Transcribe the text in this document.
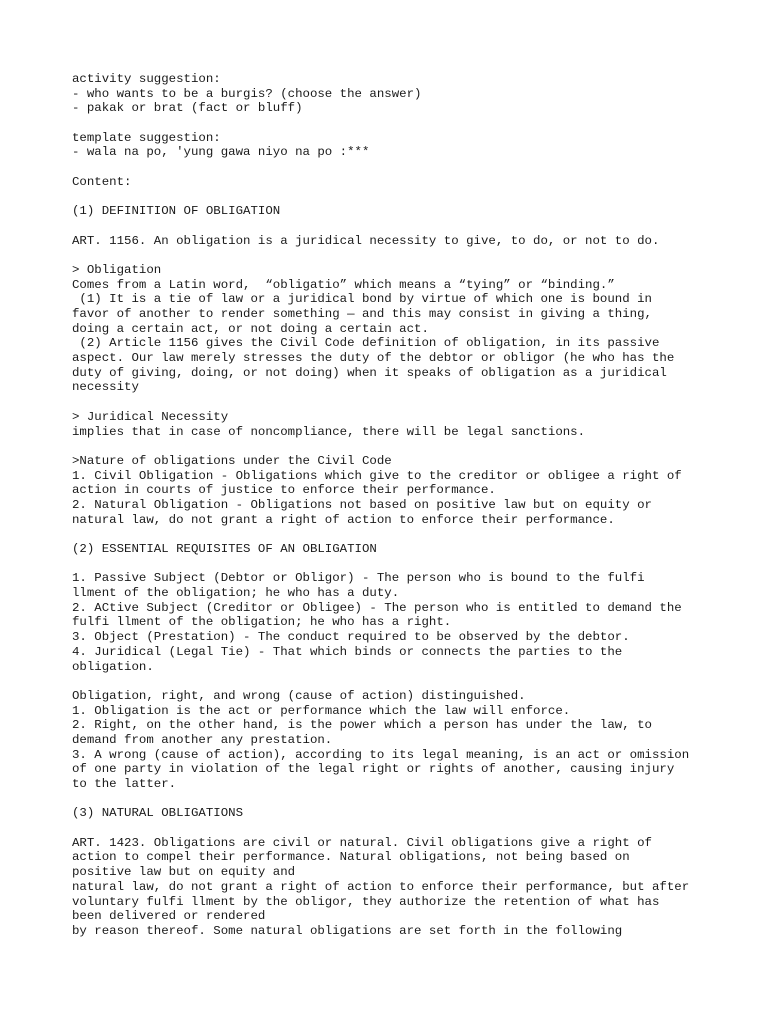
activity suggestion:
- who wants to be a burgis? (choose the answer)
- pakak or brat (fact or bluff)

template suggestion:
- wala na po, 'yung gawa niyo na po :***

Content:

(1) DEFINITION OF OBLIGATION

ART. 1156. An obligation is a juridical necessity to give, to do, or not to do.

> Obligation
Comes from a Latin word,  “obligatio” which means a “tying” or “binding.”
(1) It is a tie of law or a juridical bond by virtue of which one is bound in
favor of another to render something — and this may consist in giving a thing,
doing a certain act, or not doing a certain act.
(2) Article 1156 gives the Civil Code definition of obligation, in its passive
aspect. Our law merely stresses the duty of the debtor or obligor (he who has the
duty of giving, doing, or not doing) when it speaks of obligation as a juridical
necessity

> Juridical Necessity
implies that in case of noncompliance, there will be legal sanctions.

>Nature of obligations under the Civil Code
1. Civil Obligation - Obligations which give to the creditor or obligee a right of
action in courts of justice to enforce their performance.
2. Natural Obligation - Obligations not based on positive law but on equity or
natural law, do not grant a right of action to enforce their performance.

(2) ESSENTIAL REQUISITES OF AN OBLIGATION

1. Passive Subject (Debtor or Obligor) - The person who is bound to the fulfi
llment of the obligation; he who has a duty.
2. ACtive Subject (Creditor or Obligee) - The person who is entitled to demand the
fulfi llment of the obligation; he who has a right.
3. Object (Prestation) - The conduct required to be observed by the debtor.
4. Juridical (Legal Tie) - That which binds or connects the parties to the
obligation.

Obligation, right, and wrong (cause of action) distinguished.
1. Obligation is the act or performance which the law will enforce.
2. Right, on the other hand, is the power which a person has under the law, to
demand from another any prestation.
3. A wrong (cause of action), according to its legal meaning, is an act or omission
of one party in violation of the legal right or rights of another, causing injury
to the latter.

(3) NATURAL OBLIGATIONS

ART. 1423. Obligations are civil or natural. Civil obligations give a right of
action to compel their performance. Natural obligations, not being based on
positive law but on equity and
natural law, do not grant a right of action to enforce their performance, but after
voluntary fulfi llment by the obligor, they authorize the retention of what has
been delivered or rendered
by reason thereof. Some natural obligations are set forth in the following
